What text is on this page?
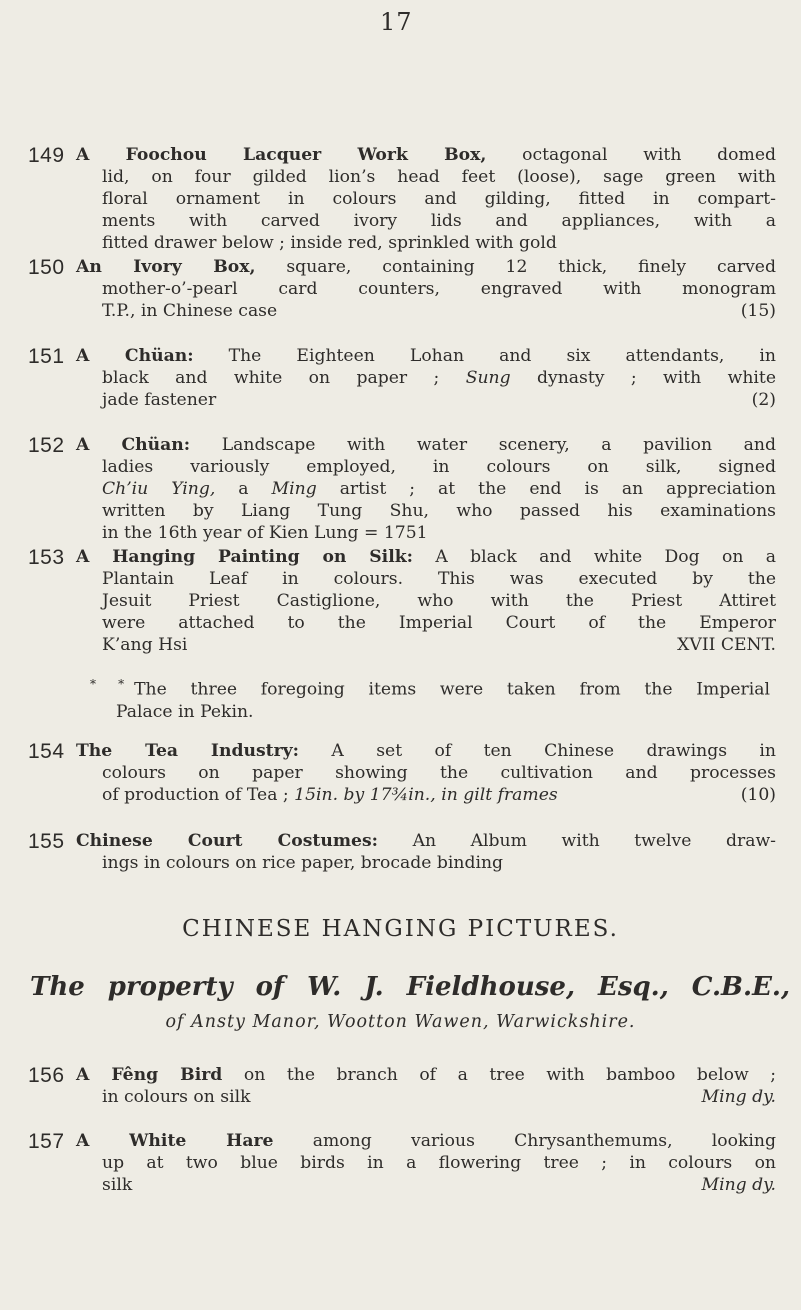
17
149 A Foochou Lacquer Work Box, octagonal with domed
lid, on four gilded lion’s head feet (loose), sage green with
floral ornament in colours and gilding, fitted in compart-
ments with carved ivory lids and appliances, with a
fitted drawer below ; inside red, sprinkled with gold
150 An Ivory Box, square, containing 12 thick, finely carved
mother-o’-pearl card counters, engraved with monogram
T.P., in Chinese case	(15)
151 A Chüan: The Eighteen Lohan and six attendants, in
black and white on paper ; Sung dynasty ; with white
jade fastener	(2)
152 A Chüan: Landscape with water scenery, a pavilion and
ladies variously employed, in colours on silk, signed
Ch’iu Ying, a Ming artist ; at the end is an appreciation
written by Liang Tung Shu, who passed his examinations
in the 16th year of Kien Lung = 1751
153 A Hanging Painting on Silk: A black and white Dog on a
Plantain Leaf in colours. This was executed by the
Jesuit Priest Castiglione, who with the Priest Attiret
were attached to the Imperial Court of the Emperor
K’ang Hsi	XVII CENT.
* * The three foregoing items were taken from the Imperial
Palace in Pekin.
154 The Tea Industry: A set of ten Chinese drawings in
colours on paper showing the cultivation and processes
of production of Tea ; 15in. by 17¾in., in gilt frames	(10)
155 Chinese Court Costumes: An Album with twelve draw-
ings in colours on rice paper, brocade binding
CHINESE HANGING PICTURES.
The property of W. J. Fieldhouse, Esq., C.B.E.,
of Ansty Manor, Wootton Wawen, Warwickshire.
156 A Fêng Bird on the branch of a tree with bamboo below ;
in colours on silk	Ming dy.
157 A White Hare among various Chrysanthemums, looking
up at two blue birds in a flowering tree ; in colours on
silk	Ming dy.
